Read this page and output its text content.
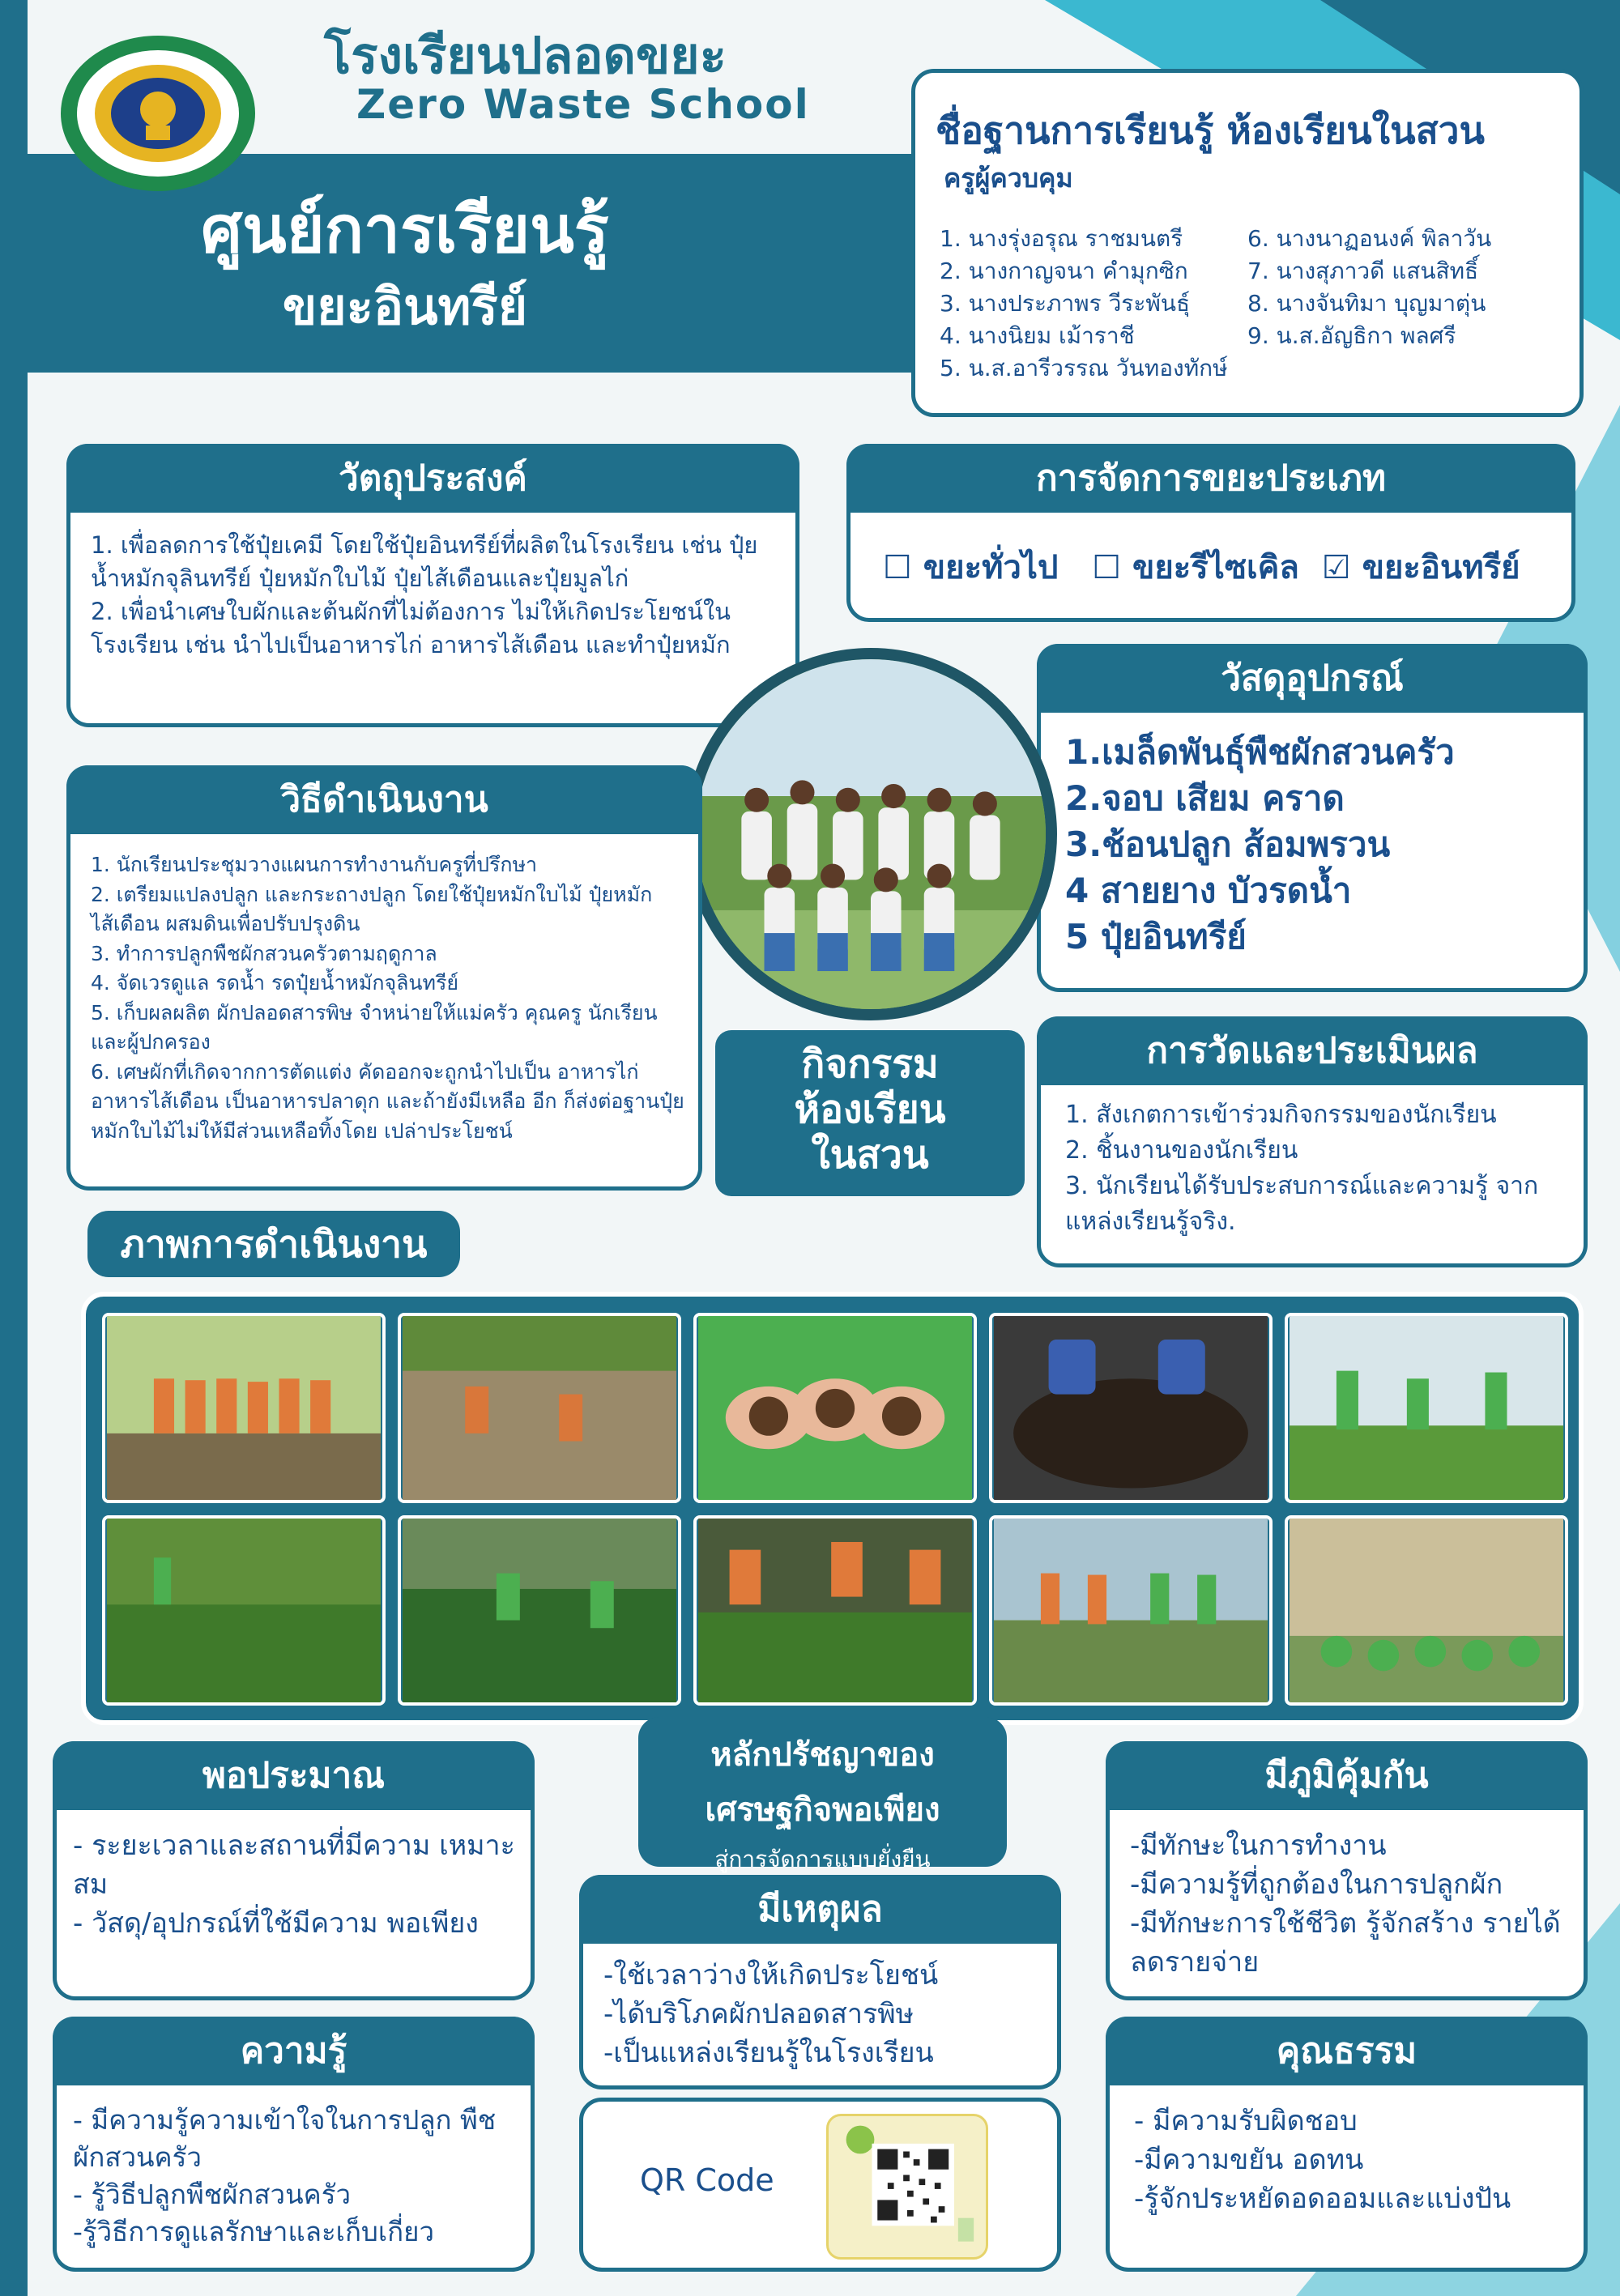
โรงเรียนปลอดขยะ
Zero Waste School
ศูนย์การเรียนรู้
ขยะอินทรีย์
ชื่อฐานการเรียนรู้ ห้องเรียนในสวน
ครูผู้ควบคุม
1. นางรุ่งอรุณ ราชมนตรี
2. นางกาญจนา คำมุกซิก
3. นางประภาพร วีระพันธุ์
4. นางนิยม เม้าราชี
5. น.ส.อารีวรรณ วันทองทักษ์
6. นางนาฏอนงค์ พิลาวัน
7. นางสุภาวดี แสนสิทธิ์
8. นางจันทิมา บุญมาตุ่น
9. น.ส.อัญธิกา พลศรี
วัตถุประสงค์
1. เพื่อลดการใช้ปุ๋ยเคมี โดยใช้ปุ๋ยอินทรีย์ที่ผลิตในโรงเรียน เช่น ปุ๋ยน้ำหมักจุลินทรีย์ ปุ๋ยหมักใบไม้ ปุ๋ยไส้เดือนและปุ๋ยมูลไก่
2. เพื่อนำเศษใบผักและต้นผักที่ไม่ต้องการ ไม่ให้เกิดประโยชน์ในโรงเรียน เช่น นำไปเป็นอาหารไก่ อาหารไส้เดือน และทำปุ๋ยหมัก
การจัดการขยะประเภท
☐ ขยะทั่วไป ☐ ขยะรีไซเคิล ☑ ขยะอินทรีย์
วัสดุอุปกรณ์
1.เมล็ดพันธุ์พืชผักสวนครัว
2.จอบ เสียม คราด
3.ช้อนปลูก ส้อมพรวน
4 สายยาง บัวรดน้ำ
5 ปุ๋ยอินทรีย์
วิธีดำเนินงาน
1. นักเรียนประชุมวางแผนการทำงานกับครูที่ปรึกษา
2. เตรียมแปลงปลูก และกระถางปลูก โดยใช้ปุ๋ยหมักใบไม้ ปุ๋ยหมักไส้เดือน ผสมดินเพื่อปรับปรุงดิน
3. ทำการปลูกพืชผักสวนครัวตามฤดูกาล
4. จัดเวรดูแล รดน้ำ รดปุ๋ยน้ำหมักจุลินทรีย์
5. เก็บผลผลิต ผักปลอดสารพิษ จำหน่ายให้แม่ครัว คุณครู นักเรียนและผู้ปกครอง
6. เศษผักที่เกิดจากการตัดแต่ง คัดออกจะถูกนำไปเป็น อาหารไก่ อาหารไส้เดือน เป็นอาหารปลาดุก และถ้ายังมีเหลือ อีก ก็ส่งต่อฐานปุ๋ยหมักใบไม้ไม่ให้มีส่วนเหลือทิ้งโดย เปล่าประโยชน์
กิจกรรม
ห้องเรียน
ในสวน
การวัดและประเมินผล
1. สังเกตการเข้าร่วมกิจกรรมของนักเรียน
2. ชิ้นงานของนักเรียน
3. นักเรียนได้รับประสบการณ์และความรู้ จากแหล่งเรียนรู้จริง.
ภาพการดำเนินงาน
หลักปรัชญาของ
เศรษฐกิจพอเพียง
สู่การจัดการแบบยั่งยืน
พอประมาณ
- ระยะเวลาและสถานที่มีความ เหมาะสม
- วัสดุ/อุปกรณ์ที่ใช้มีความ พอเพียง	มีเหตุผล
-ใช้เวลาว่างให้เกิดประโยชน์
-ได้บริโภคผักปลอดสารพิษ
-เป็นแหล่งเรียนรู้ในโรงเรียน
มีภูมิคุ้มกัน
-มีทักษะในการทำงาน
-มีความรู้ที่ถูกต้องในการปลูกผัก
-มีทักษะการใช้ชีวิต รู้จักสร้าง รายได้ ลดรายจ่าย
ความรู้
- มีความรู้ความเข้าใจในการปลูก พืชผักสวนครัว
- รู้วิธีปลูกพืชผักสวนครัว
-รู้วิธีการดูแลรักษาและเก็บเกี่ยว
QR Code
คุณธรรม
- มีความรับผิดชอบ
-มีความขยัน อดทน
-รู้จักประหยัดอดออมและแบ่งปัน
